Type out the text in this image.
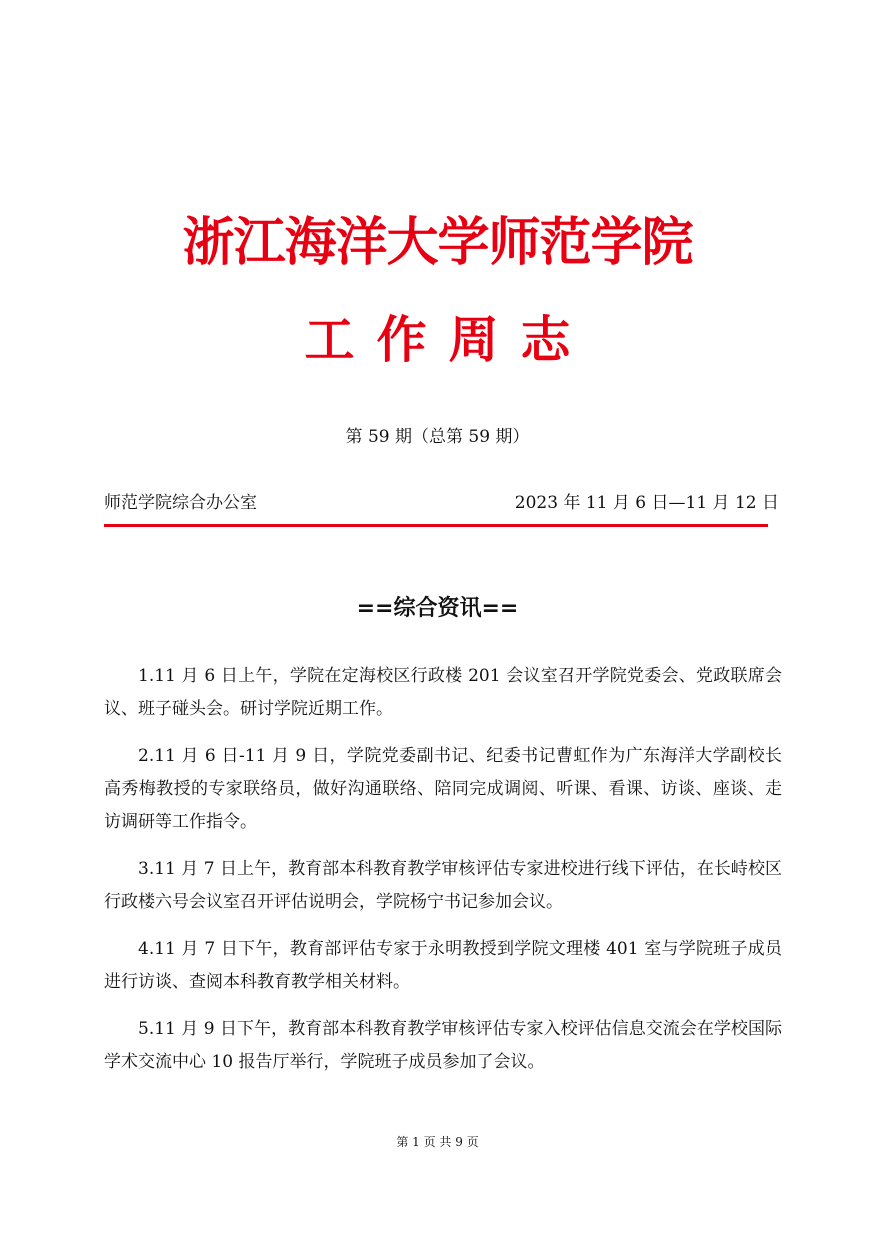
浙江海洋大学师范学院
工作周志
第 59 期（总第 59 期）
师范学院综合办公室	2023 年 11 月 6 日—11 月 12 日
==综合资讯==

1.11 月 6 日上午，学院在定海校区行政楼 201 会议室召开学院党委会、党政联席会议、班子碰头会。研讨学院近期工作。

2.11 月 6 日-11 月 9 日，学院党委副书记、纪委书记曹虹作为广东海洋大学副校长高秀梅教授的专家联络员，做好沟通联络、陪同完成调阅、听课、看课、访谈、座谈、走访调研等工作指令。

3.11 月 7 日上午，教育部本科教育教学审核评估专家进校进行线下评估，在长峙校区行政楼六号会议室召开评估说明会，学院杨宁书记参加会议。

4.11 月 7 日下午，教育部评估专家于永明教授到学院文理楼 401 室与学院班子成员进行访谈、查阅本科教育教学相关材料。

5.11 月 9 日下午，教育部本科教育教学审核评估专家入校评估信息交流会在学校国际学术交流中心 10 报告厅举行，学院班子成员参加了会议。

第 1 页 共 9 页
